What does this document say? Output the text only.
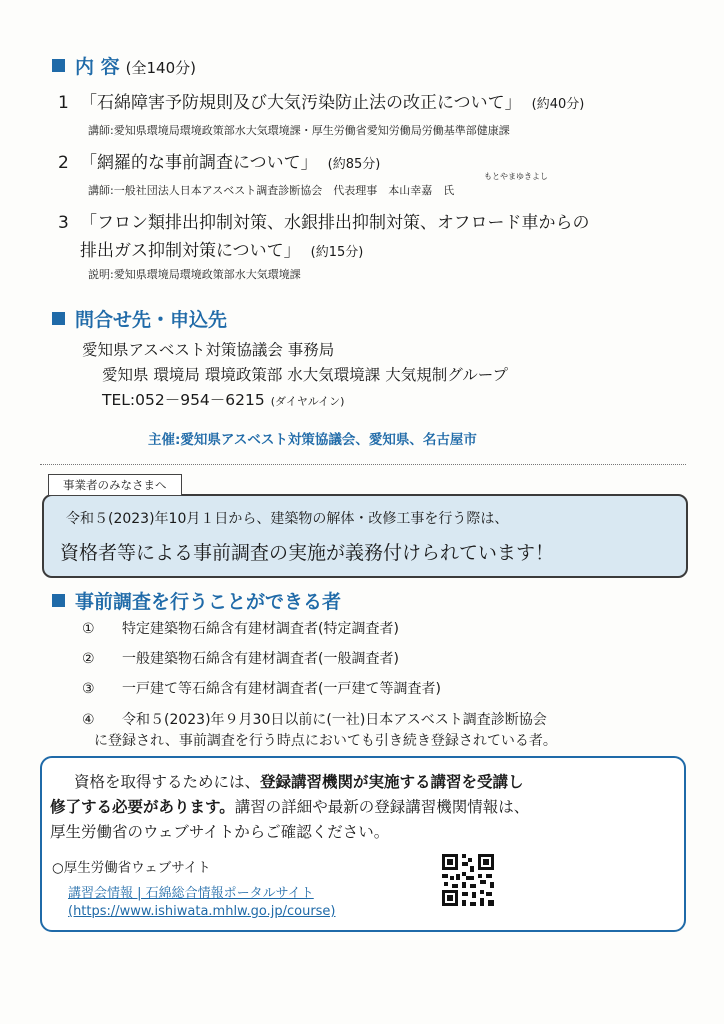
内 容 (全140分)
1 「石綿障害予防規則及び大気汚染防止法の改正について」 (約40分)
講師:愛知県環境局環境政策部水大気環境課・厚生労働省愛知労働局労働基準部健康課
2 「網羅的な事前調査について」 (約85分)
もとやまゆきよし
講師:一般社団法人日本アスベスト調査診断協会　代表理事　本山幸嘉　氏
3 「フロン類排出抑制対策、水銀排出抑制対策、オフロード車からの
排出ガス抑制対策について」 (約15分)
説明:愛知県環境局環境政策部水大気環境課
問合せ先・申込先
愛知県アスベスト対策協議会 事務局
愛知県 環境局 環境政策部 水大気環境課 大気規制グループ
TEL:052－954－6215 (ダイヤルイン)
主催:愛知県アスベスト対策協議会、愛知県、名古屋市
事業者のみなさまへ
令和５(2023)年10月１日から、建築物の解体・改修工事を行う際は、
資格者等による事前調査の実施が義務付けられています！
事前調査を行うことができる者
① 特定建築物石綿含有建材調査者(特定調査者)
② 一般建築物石綿含有建材調査者(一般調査者)
③ 一戸建て等石綿含有建材調査者(一戸建て等調査者)
④ 令和５(2023)年９月30日以前に(一社)日本アスベスト調査診断協会
に登録され、事前調査を行う時点においても引き続き登録されている者。
資格を取得するためには、登録講習機関が実施する講習を受講し
修了する必要があります。講習の詳細や最新の登録講習機関情報は、
厚生労働省のウェブサイトからご確認ください。
○厚生労働省ウェブサイト
講習会情報 | 石綿総合情報ポータルサイト
(https://www.ishiwata.mhlw.go.jp/course)
